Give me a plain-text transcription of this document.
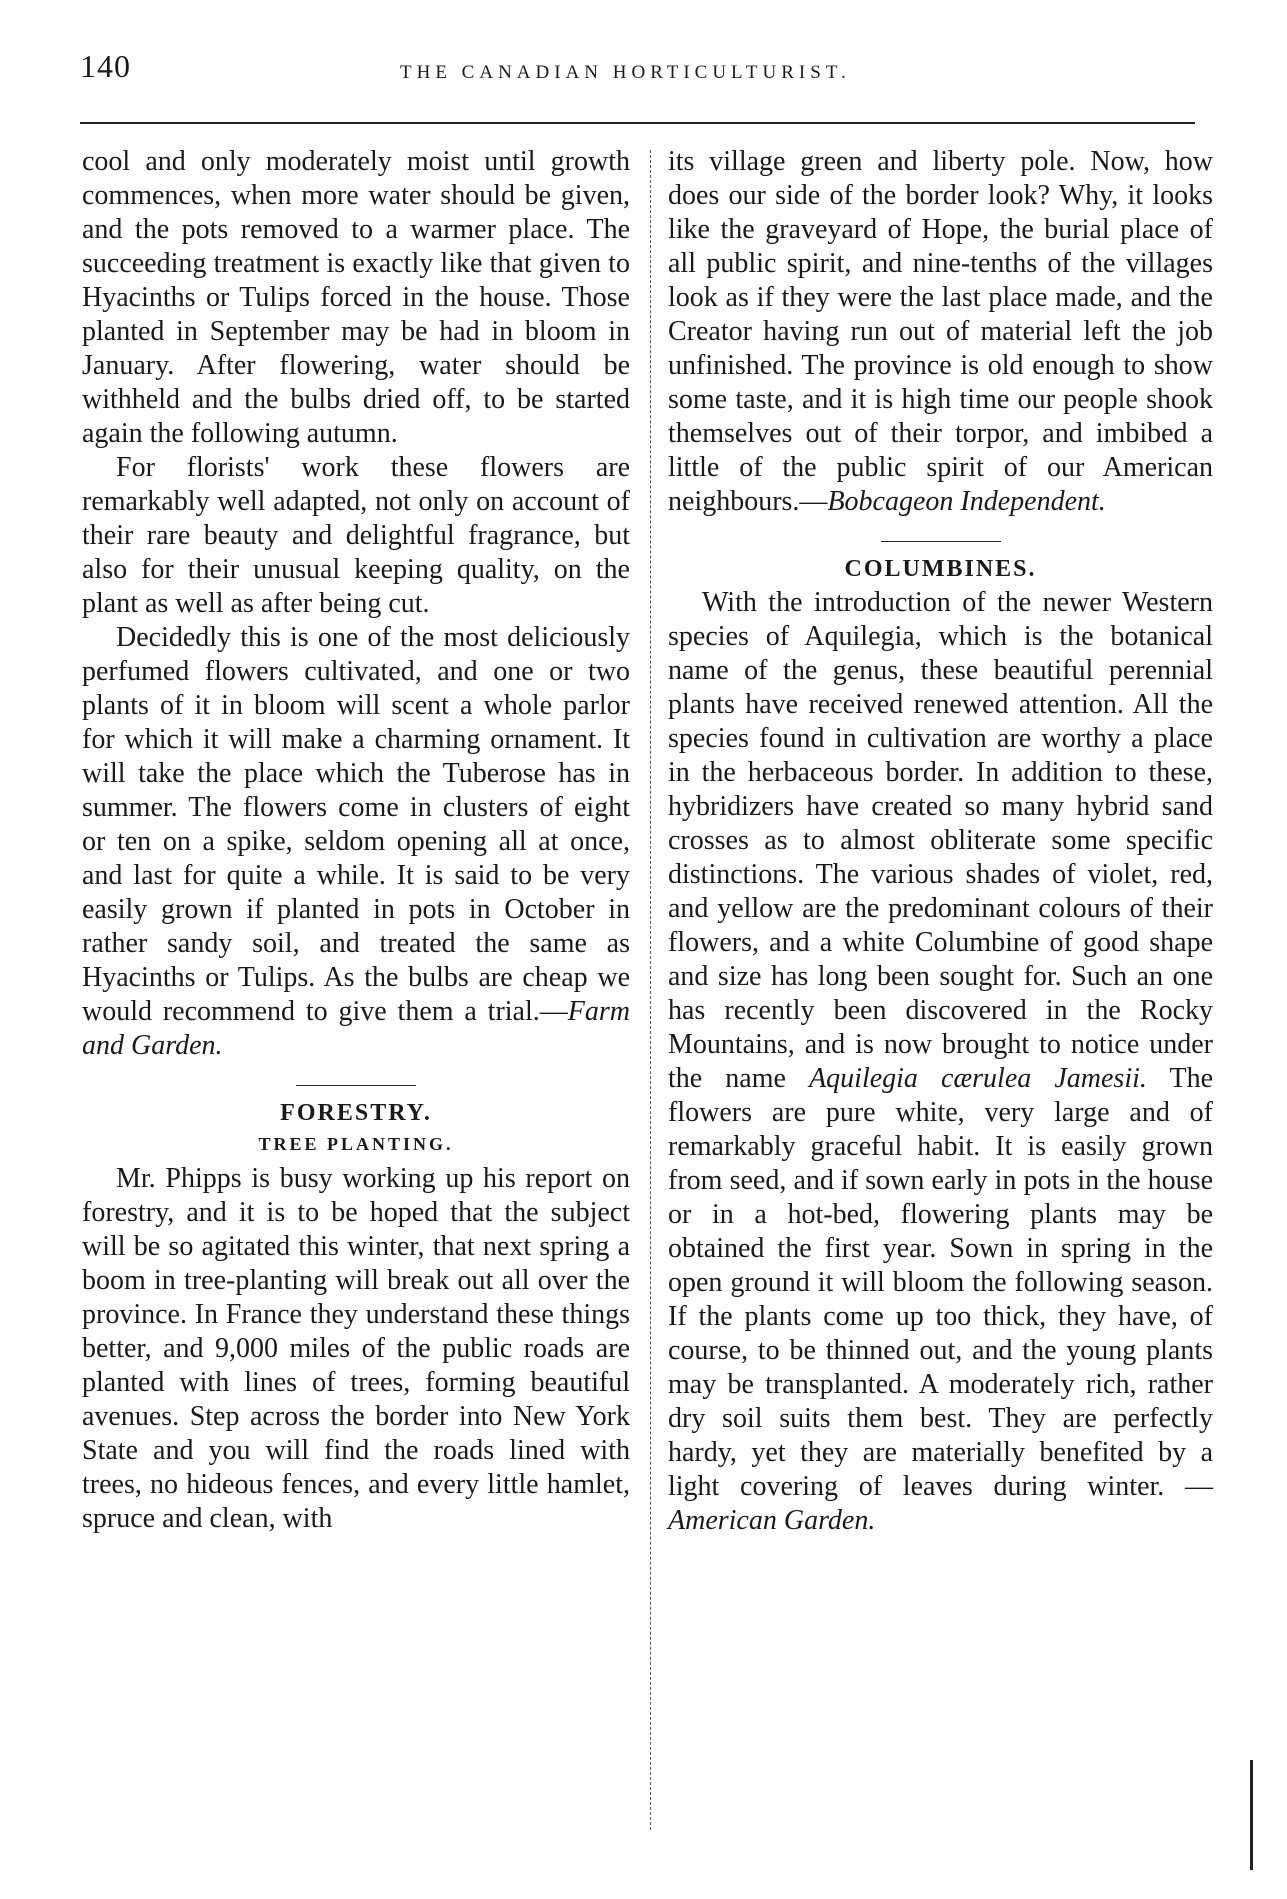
140	THE CANADIAN HORTICULTURIST.

cool and only moderately moist until growth commences, when more water should be given, and the pots removed to a warmer place. The succeeding treatment is exactly like that given to Hyacinths or Tulips forced in the house. Those planted in September may be had in bloom in January. After flowering, water should be withheld and the bulbs dried off, to be started again the following autumn.

For florists' work these flowers are remarkably well adapted, not only on account of their rare beauty and delightful fragrance, but also for their unusual keeping quality, on the plant as well as after being cut.

Decidedly this is one of the most deliciously perfumed flowers cultivated, and one or two plants of it in bloom will scent a whole parlor for which it will make a charming ornament. It will take the place which the Tuberose has in summer. The flowers come in clusters of eight or ten on a spike, seldom opening all at once, and last for quite a while. It is said to be very easily grown if planted in pots in October in rather sandy soil, and treated the same as Hyacinths or Tulips. As the bulbs are cheap we would recommend to give them a trial.—Farm and Garden.

FORESTRY.
TREE PLANTING.

Mr. Phipps is busy working up his report on forestry, and it is to be hoped that the subject will be so agitated this winter, that next spring a boom in tree-planting will break out all over the province. In France they understand these things better, and 9,000 miles of the public roads are planted with lines of trees, forming beautiful avenues. Step across the border into New York State and you will find the roads lined with trees, no hideous fences, and every little hamlet, spruce and clean, with

its village green and liberty pole. Now, how does our side of the border look? Why, it looks like the graveyard of Hope, the burial place of all public spirit, and nine-tenths of the villages look as if they were the last place made, and the Creator having run out of material left the job unfinished. The province is old enough to show some taste, and it is high time our people shook themselves out of their torpor, and imbibed a little of the public spirit of our American neighbours.—Bobcageon Independent.

COLUMBINES.

With the introduction of the newer Western species of Aquilegia, which is the botanical name of the genus, these beautiful perennial plants have received renewed attention. All the species found in cultivation are worthy a place in the herbaceous border. In addition to these, hybridizers have created so many hybrid sand crosses as to almost obliterate some specific distinctions. The various shades of violet, red, and yellow are the predominant colours of their flowers, and a white Columbine of good shape and size has long been sought for. Such an one has recently been discovered in the Rocky Mountains, and is now brought to notice under the name Aquilegia cærulea Jamesii. The flowers are pure white, very large and of remarkably graceful habit. It is easily grown from seed, and if sown early in pots in the house or in a hot-bed, flowering plants may be obtained the first year. Sown in spring in the open ground it will bloom the following season. If the plants come up too thick, they have, of course, to be thinned out, and the young plants may be transplanted. A moderately rich, rather dry soil suits them best. They are perfectly hardy, yet they are materially benefited by a light covering of leaves during winter. —American Garden.
